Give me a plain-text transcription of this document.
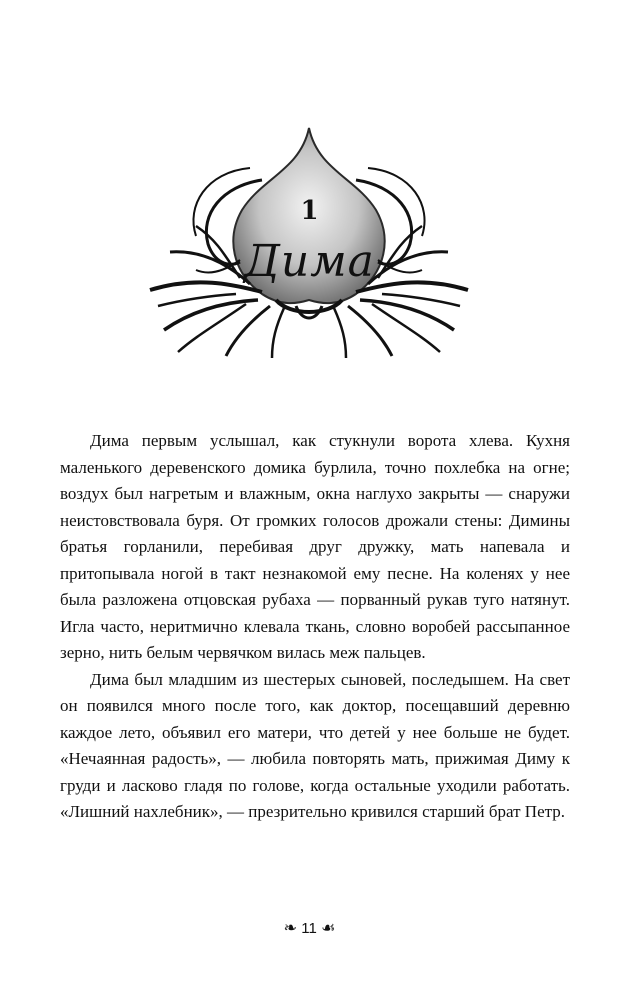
1
Дима

Дима первым услышал, как стукнули ворота хлева. Кухня маленького деревенского домика бурлила, точно похлебка на огне; воздух был нагретым и влажным, окна наглухо закрыты — снаружи неистовствовала буря. От громких голосов дрожали стены: Димины братья горланили, перебивая друг дружку, мать напевала и притопывала ногой в такт незнакомой ему песне. На коленях у нее была разложена отцовская рубаха — порванный рукав туго натянут. Игла часто, неритмично клевала ткань, словно воробей рассыпанное зерно, нить белым червячком вилась меж пальцев.

Дима был младшим из шестерых сыновей, последышем. На свет он появился много после того, как доктор, посещавший деревню каждое лето, объявил его матери, что детей у нее больше не будет. «Нечаянная радость», — любила повторять мать, прижимая Диму к груди и ласково гладя по голове, когда остальные уходили работать. «Лишний нахлебник», — презрительно кривился старший брат Петр.

❧ 11 ☙
